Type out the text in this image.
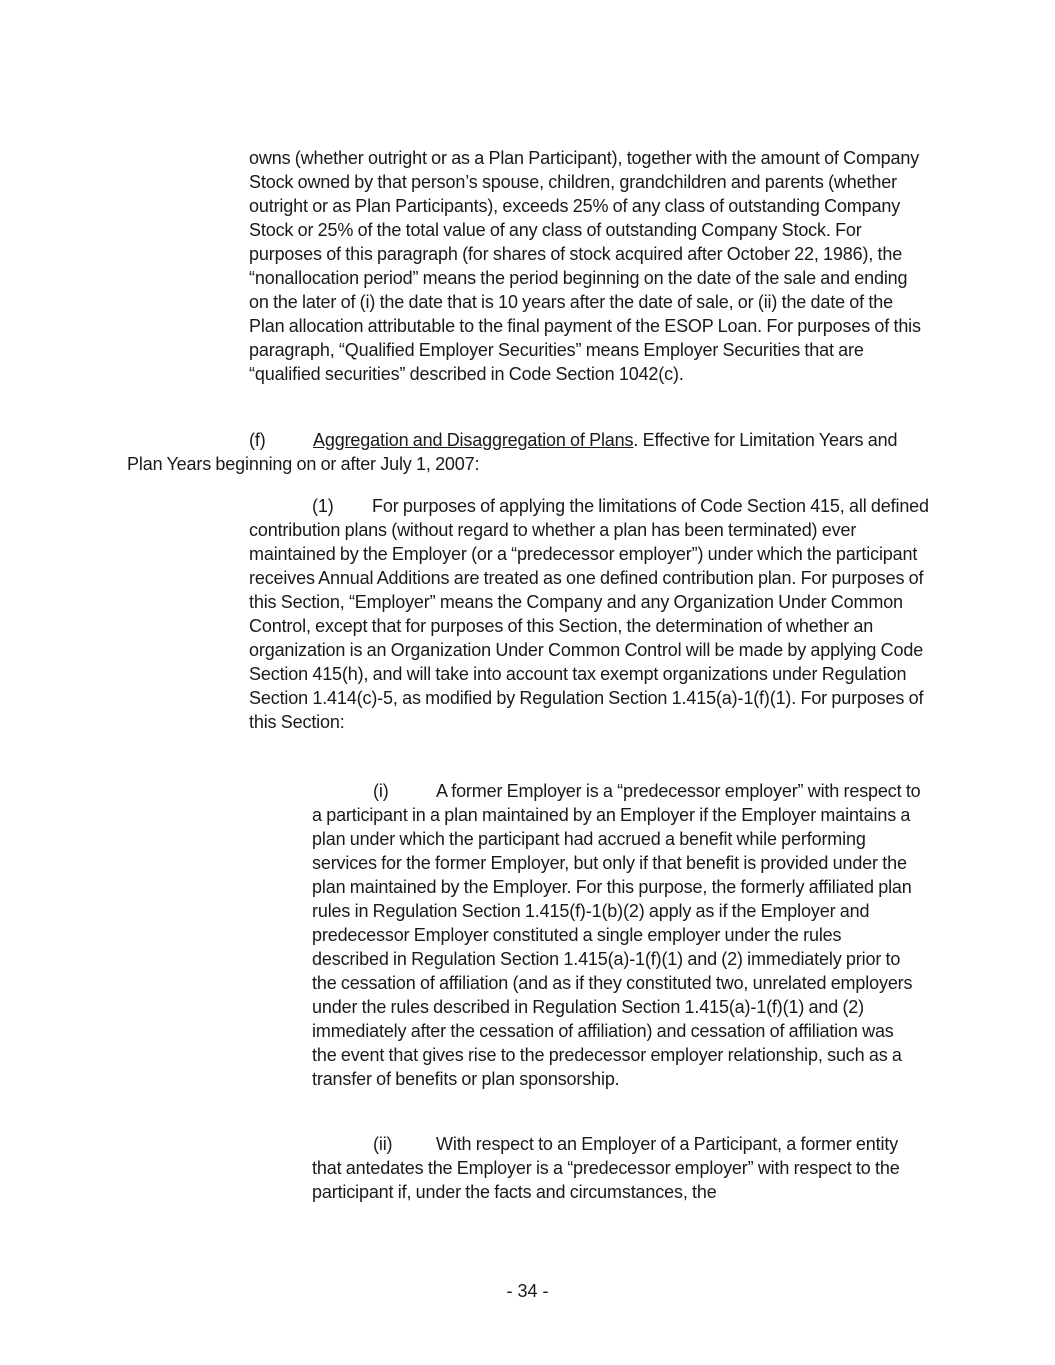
owns (whether outright or as a Plan Participant), together with the amount of Company Stock owned by that person’s spouse, children, grandchildren and parents (whether outright or as Plan Participants), exceeds 25% of any class of outstanding Company Stock or 25% of the total value of any class of outstanding Company Stock. For purposes of this paragraph (for shares of stock acquired after October 22, 1986), the “nonallocation period” means the period beginning on the date of the sale and ending on the later of (i) the date that is 10 years after the date of sale, or (ii) the date of the Plan allocation attributable to the final payment of the ESOP Loan. For purposes of this paragraph, “Qualified Employer Securities” means Employer Securities that are “qualified securities” described in Code Section 1042(c).

(f)	Aggregation and Disaggregation of Plans. Effective for Limitation Years and Plan Years beginning on or after July 1, 2007:

(1) For purposes of applying the limitations of Code Section 415, all defined contribution plans (without regard to whether a plan has been terminated) ever maintained by the Employer (or a “predecessor employer”) under which the participant receives Annual Additions are treated as one defined contribution plan. For purposes of this Section, “Employer” means the Company and any Organization Under Common Control, except that for purposes of this Section, the determination of whether an organization is an Organization Under Common Control will be made by applying Code Section 415(h), and will take into account tax exempt organizations under Regulation Section 1.414(c)-5, as modified by Regulation Section 1.415(a)-1(f)(1). For purposes of this Section:

(i)	A former Employer is a “predecessor employer” with respect to a participant in a plan maintained by an Employer if the Employer maintains a plan under which the participant had accrued a benefit while performing services for the former Employer, but only if that benefit is provided under the plan maintained by the Employer. For this purpose, the formerly affiliated plan rules in Regulation Section 1.415(f)-1(b)(2) apply as if the Employer and predecessor Employer constituted a single employer under the rules described in Regulation Section 1.415(a)-1(f)(1) and (2) immediately prior to the cessation of affiliation (and as if they constituted two, unrelated employers under the rules described in Regulation Section 1.415(a)-1(f)(1) and (2) immediately after the cessation of affiliation) and cessation of affiliation was the event that gives rise to the predecessor employer relationship, such as a transfer of benefits or plan sponsorship.

(ii) With respect to an Employer of a Participant, a former entity that antedates the Employer is a “predecessor employer” with respect to the participant if, under the facts and circumstances, the

- 34 -
